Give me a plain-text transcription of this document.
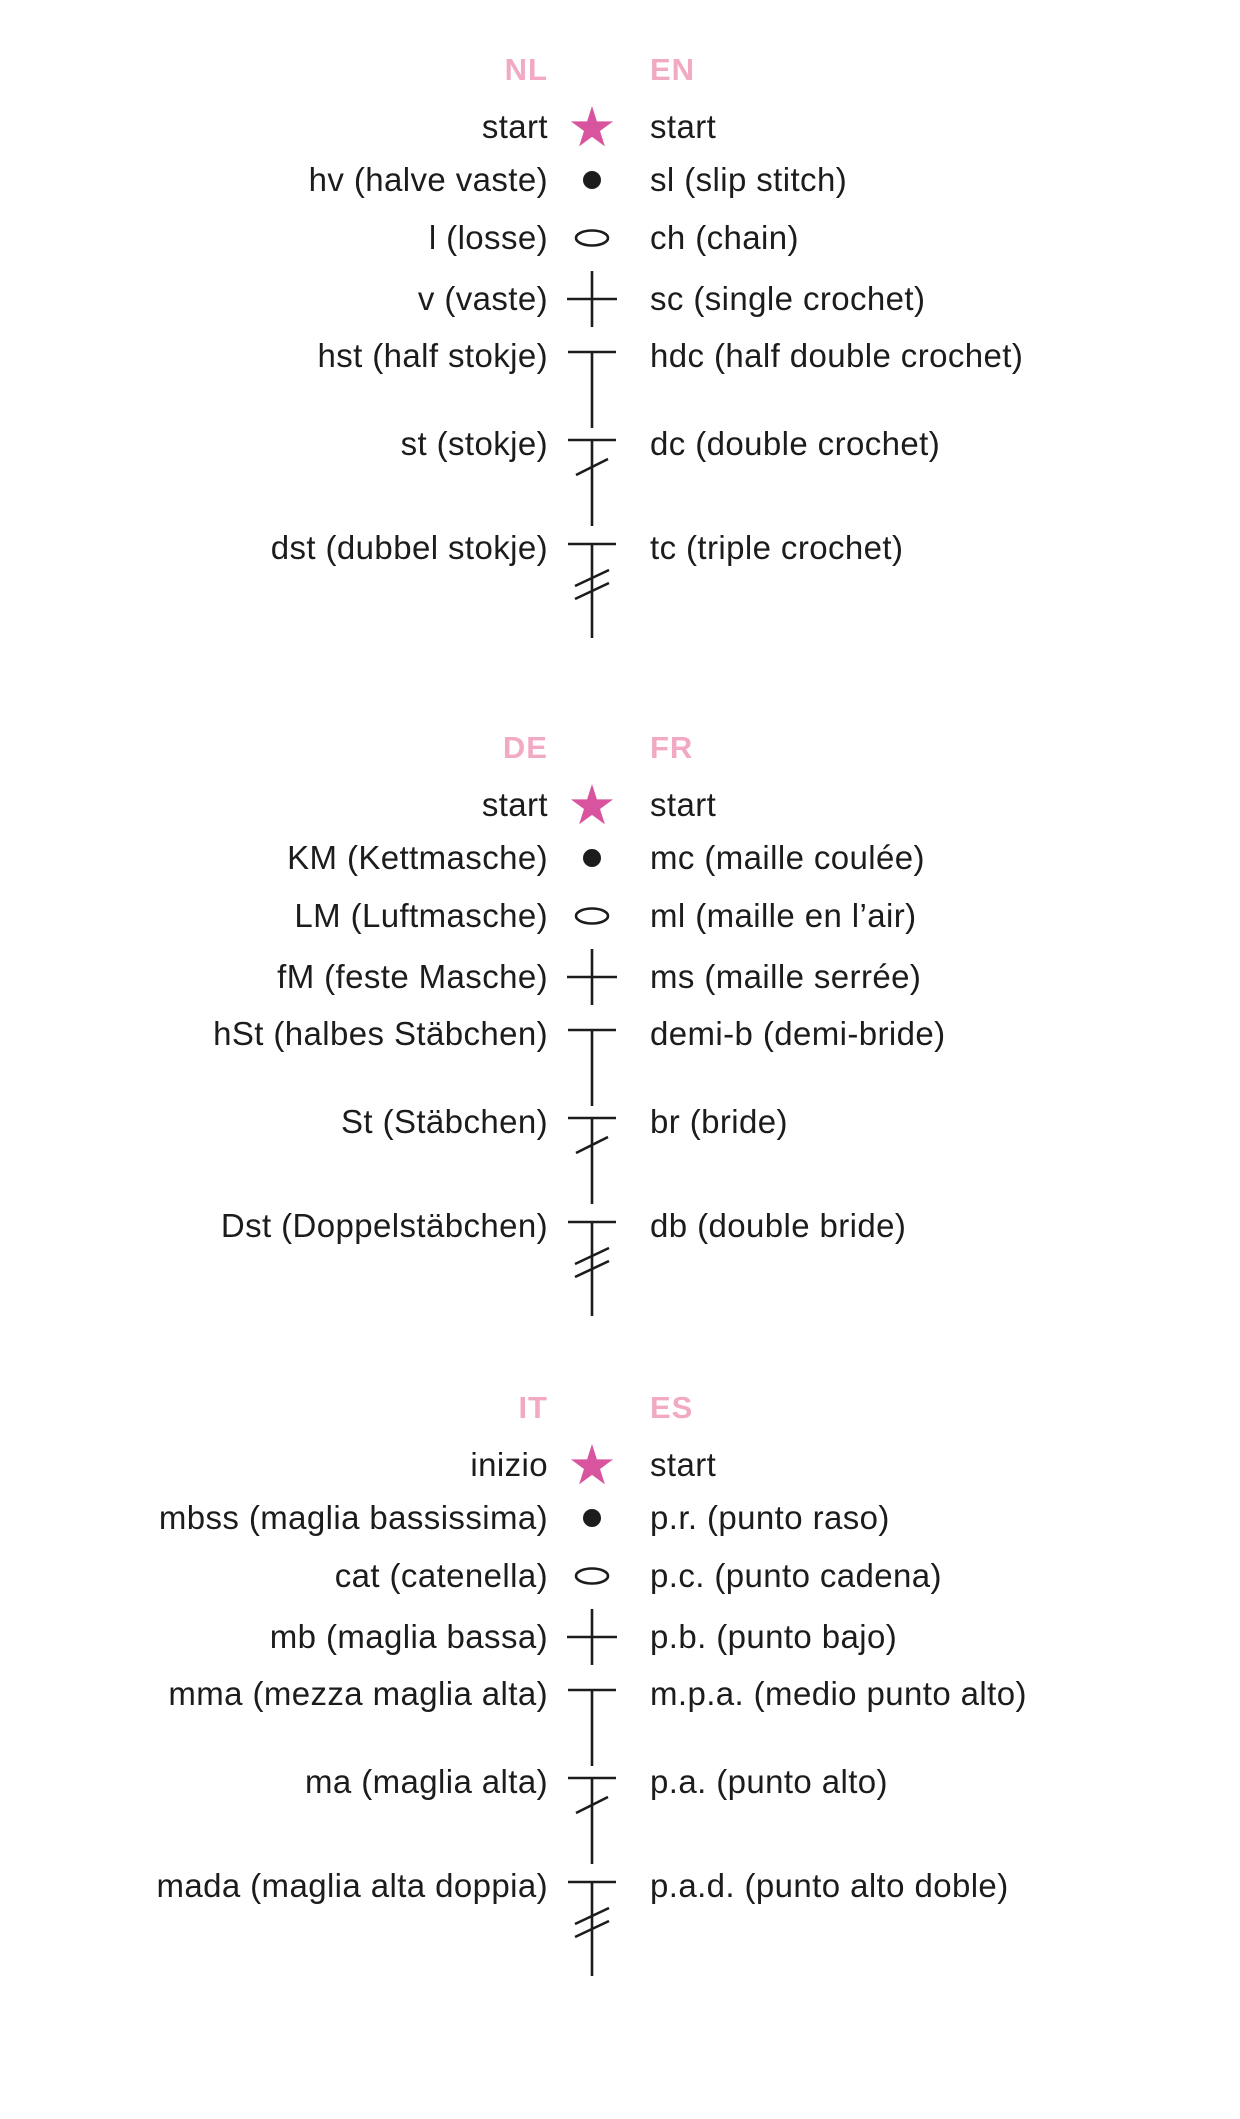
NL	EN
start	start
hv (halve vaste)	sl (slip stitch)
l (losse)	ch (chain)
v (vaste)	sc (single crochet)
hst (half stokje)	hdc (half double crochet)
st (stokje)	dc (double crochet)
dst (dubbel stokje)	tc (triple crochet)
DE	FR
start	start
KM (Kettmasche)	mc (maille coulée)
LM (Luftmasche)	ml (maille en l’air)
fM (feste Masche)	ms (maille serrée)
hSt (halbes Stäbchen)	demi-b (demi-bride)
St (Stäbchen)	br (bride)
Dst (Doppelstäbchen)	db (double bride)
IT	ES
inizio	start
mbss (maglia bassissima)	p.r. (punto raso)
cat (catenella)	p.c. (punto cadena)
mb (maglia bassa)	p.b. (punto bajo)
mma (mezza maglia alta)	m.p.a. (medio punto alto)
ma (maglia alta)	p.a. (punto alto)
mada (maglia alta doppia)	p.a.d. (punto alto doble)
